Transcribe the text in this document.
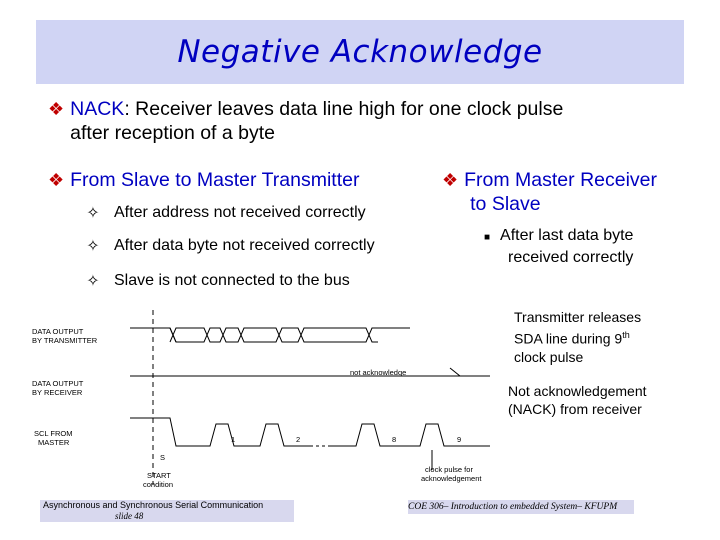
Negative Acknowledge
❖ NACK: Receiver leaves data line high for one clock pulse
after reception of a byte
❖ From Slave to Master Transmitter
✧ After address not received correctly
✧ After data byte not received correctly
✧ Slave is not connected to the bus
❖ From Master Receiver
to Slave
■ After last data byte
received correctly
Transmitter releases
SDA line during 9th
clock pulse
Not acknowledgement
(NACK) from receiver
DATA OUTPUT
BY TRANSMITTER
DATA OUTPUT
BY RECEIVER
SCL FROM
MASTER
not acknowledge
1	2	8	9
S
START
condition
clock pulse for
acknowledgement
Asynchronous and Synchronous Serial Communication
slide 48
COE 306– Introduction to embedded System– KFUPM
